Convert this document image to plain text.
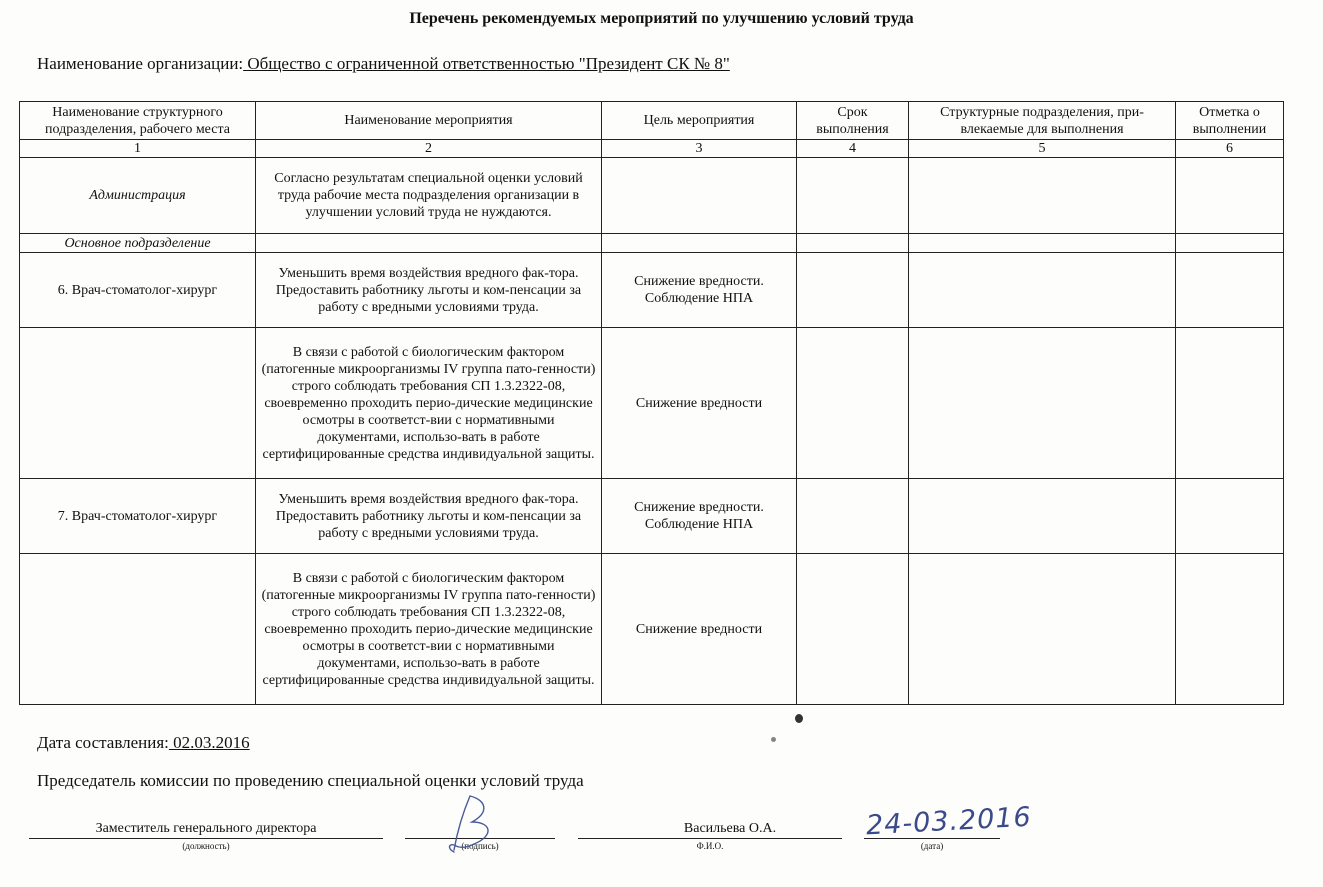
Перечень рекомендуемых мероприятий по улучшению условий труда
Наименование организации: Общество с ограниченной ответственностью "Президент СК № 8"
Наименование структурного подразделения, рабочего места	Наименование мероприятия	Цель мероприятия	Срок выполнения	Структурные подразделения, при-влекаемые для выполнения	Отметка о выполнении
1	2	3	4	5	6
Администрация	Согласно результатам специальной оценки условий труда рабочие места подразделения организации в улучшении условий труда не нуждаются.				
Основное подразделение					
6. Врач-стоматолог-хирург	Уменьшить время воздействия вредного фак-тора. Предоставить работнику льготы и ком-пенсации за работу с вредными условиями труда.	Снижение вредности. Соблюдение НПА			
	В связи с работой с биологическим фактором (патогенные микроорганизмы IV группа пато-генности) строго соблюдать требования СП 1.3.2322-08, своевременно проходить перио-дические медицинские осмотры в соответст-вии с нормативными документами, использо-вать в работе сертифицированные средства индивидуальной защиты.	Снижение вредности			
7. Врач-стоматолог-хирург	Уменьшить время воздействия вредного фак-тора. Предоставить работнику льготы и ком-пенсации за работу с вредными условиями труда.	Снижение вредности. Соблюдение НПА			
	В связи с работой с биологическим фактором (патогенные микроорганизмы IV группа пато-генности) строго соблюдать требования СП 1.3.2322-08, своевременно проходить перио-дические медицинские осмотры в соответст-вии с нормативными документами, использо-вать в работе сертифицированные средства индивидуальной защиты.	Снижение вредности			
Дата составления: 02.03.2016
Председатель комиссии по проведению специальной оценки условий труда
Заместитель генерального директора
(должность)	(подпись)
Васильева О.А.
Ф.И.О.	(дата)
24-03.2016
